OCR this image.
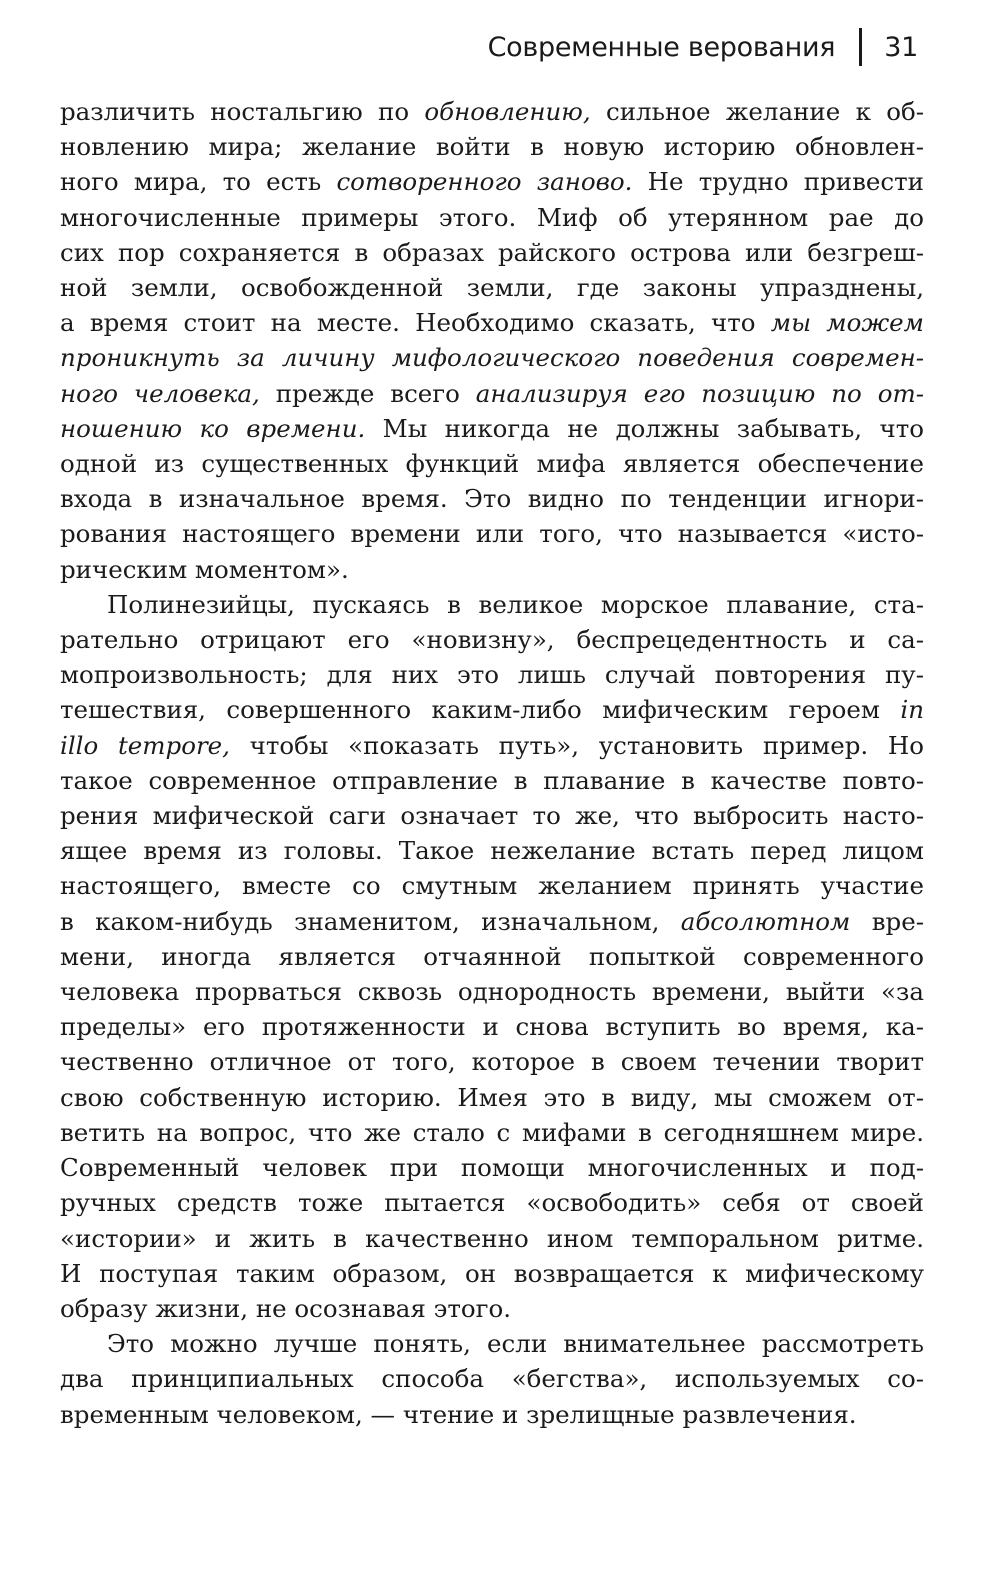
Современные верования 31
различить ностальгию по обновлению, сильное желание к об-
новлению мира; желание войти в новую историю обновлен-
ного мира, то есть сотворенного заново. Не трудно привести
многочисленные примеры этого. Миф об утерянном рае до
сих пор сохраняется в образах райского острова или безгреш-
ной земли, освобожденной земли, где законы упразднены,
а время стоит на месте. Необходимо сказать, что мы можем
проникнуть за личину мифологического поведения современ-
ного человека, прежде всего анализируя его позицию по от-
ношению ко времени. Мы никогда не должны забывать, что
одной из существенных функций мифа является обеспечение
входа в изначальное время. Это видно по тенденции игнори-
рования настоящего времени или того, что называется «исто-
рическим моментом».
Полинезийцы, пускаясь в великое морское плавание, ста-
рательно отрицают его «новизну», беспрецедентность и са-
мопроизвольность; для них это лишь случай повторения пу-
тешествия, совершенного каким-либо мифическим героем in
illo tempore, чтобы «показать путь», установить пример. Но
такое современное отправление в плавание в качестве повто-
рения мифической саги означает то же, что выбросить насто-
ящее время из головы. Такое нежелание встать перед лицом
настоящего, вместе со смутным желанием принять участие
в каком-нибудь знаменитом, изначальном, абсолютном вре-
мени, иногда является отчаянной попыткой современного
человека прорваться сквозь однородность времени, выйти «за
пределы» его протяженности и снова вступить во время, ка-
чественно отличное от того, которое в своем течении творит
свою собственную историю. Имея это в виду, мы сможем от-
ветить на вопрос, что же стало с мифами в сегодняшнем мире.
Современный человек при помощи многочисленных и под-
ручных средств тоже пытается «освободить» себя от своей
«истории» и жить в качественно ином темпоральном ритме.
И поступая таким образом, он возвращается к мифическому
образу жизни, не осознавая этого.
Это можно лучше понять, если внимательнее рассмотреть
два принципиальных способа «бегства», используемых со-
временным человеком, — чтение и зрелищные развлечения.
